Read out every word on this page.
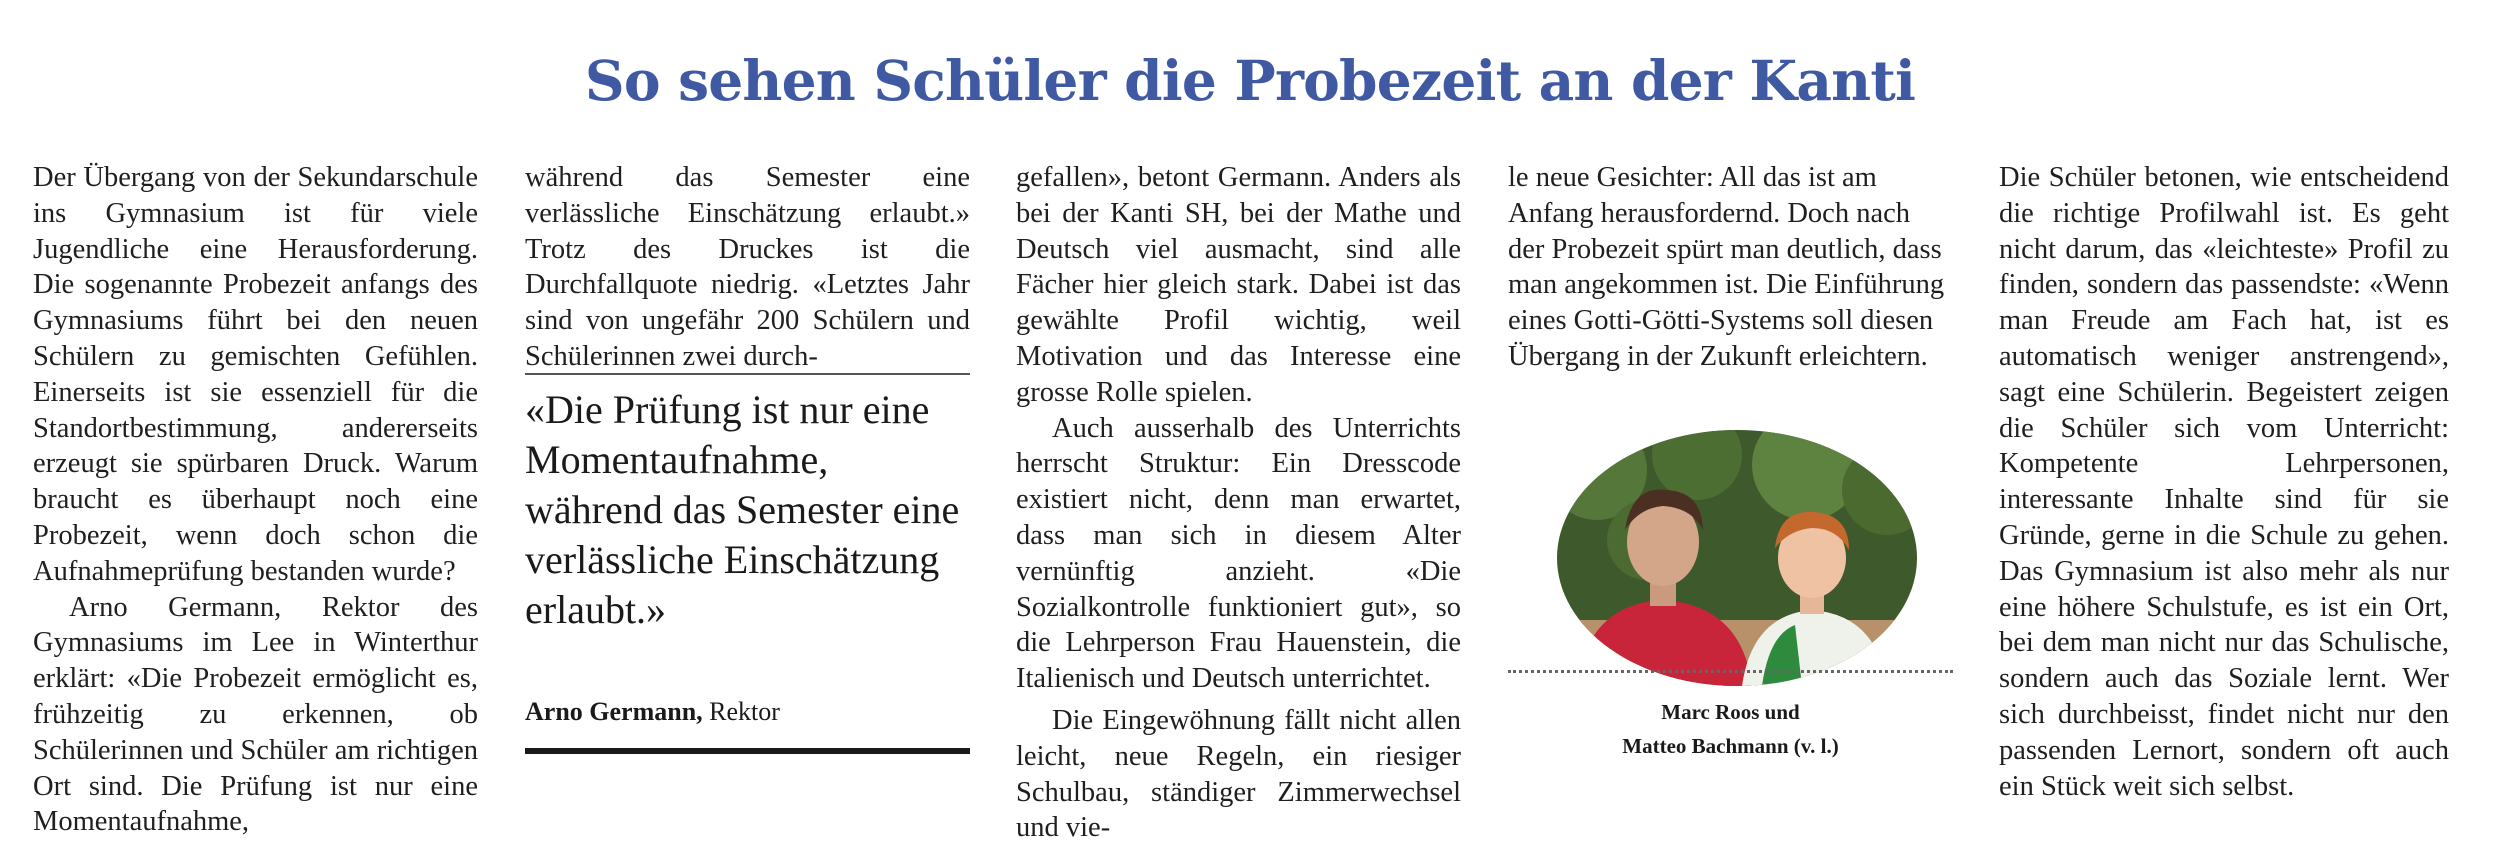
So sehen Schüler die Probezeit an der Kanti

Der Übergang von der Sekundarschule ins Gymnasium ist für viele Jugendliche eine Herausforderung. Die sogenannte Probezeit anfangs des Gymnasiums führt bei den neuen Schülern zu gemischten Gefühlen. Einerseits ist sie essenziell für die Standortbestimmung, andererseits erzeugt sie spürbaren Druck. Warum braucht es überhaupt noch eine Probezeit, wenn doch schon die Aufnahmeprüfung bestanden wurde?

Arno Germann, Rektor des Gymnasiums im Lee in Winterthur erklärt: «Die Probezeit ermöglicht es, frühzeitig zu erkennen, ob Schülerinnen und Schüler am richtigen Ort sind. Die Prüfung ist nur eine Momentaufnahme,

während das Semester eine verlässliche Einschätzung erlaubt.» Trotz des Druckes ist die Durchfallquote niedrig. «Letztes Jahr sind von ungefähr 200 Schülern und Schülerinnen zwei durch-

«Die Prüfung ist nur eine Momentaufnahme, während das Semester eine verlässliche Einschätzung erlaubt.»
Arno Germann, Rektor

gefallen», betont Germann. Anders als bei der Kanti SH, bei der Mathe und Deutsch viel ausmacht, sind alle Fächer hier gleich stark. Dabei ist das gewählte Profil wichtig, weil Motivation und das Interesse eine grosse Rolle spielen.

Auch ausserhalb des Unterrichts herrscht Struktur: Ein Dresscode existiert nicht, denn man erwartet, dass man sich in diesem Alter vernünftig anzieht. «Die Sozialkontrolle funktioniert gut», so die Lehrperson Frau Hauenstein, die Italienisch und Deutsch unterrichtet.

Die Eingewöhnung fällt nicht allen leicht, neue Regeln, ein riesiger Schulbau, ständiger Zimmerwechsel und vie-

le neue Gesichter: All das ist am Anfang herausfordernd. Doch nach der Probezeit spürt man deutlich, dass man angekommen ist. Die Einführung eines Gotti-Götti-Systems soll diesen Übergang in der Zukunft erleichtern.

Marc Roos und
Matteo Bachmann (v. l.)

Die Schüler betonen, wie entscheidend die richtige Profilwahl ist. Es geht nicht darum, das «leichteste» Profil zu finden, sondern das passendste: «Wenn man Freude am Fach hat, ist es automatisch weniger anstrengend», sagt eine Schülerin. Begeistert zeigen die Schüler sich vom Unterricht: Kompetente Lehrpersonen, interessante Inhalte sind für sie Gründe, gerne in die Schule zu gehen. Das Gymnasium ist also mehr als nur eine höhere Schulstufe, es ist ein Ort, bei dem man nicht nur das Schulische, sondern auch das Soziale lernt. Wer sich durchbeisst, findet nicht nur den passenden Lernort, sondern oft auch ein Stück weit sich selbst.
